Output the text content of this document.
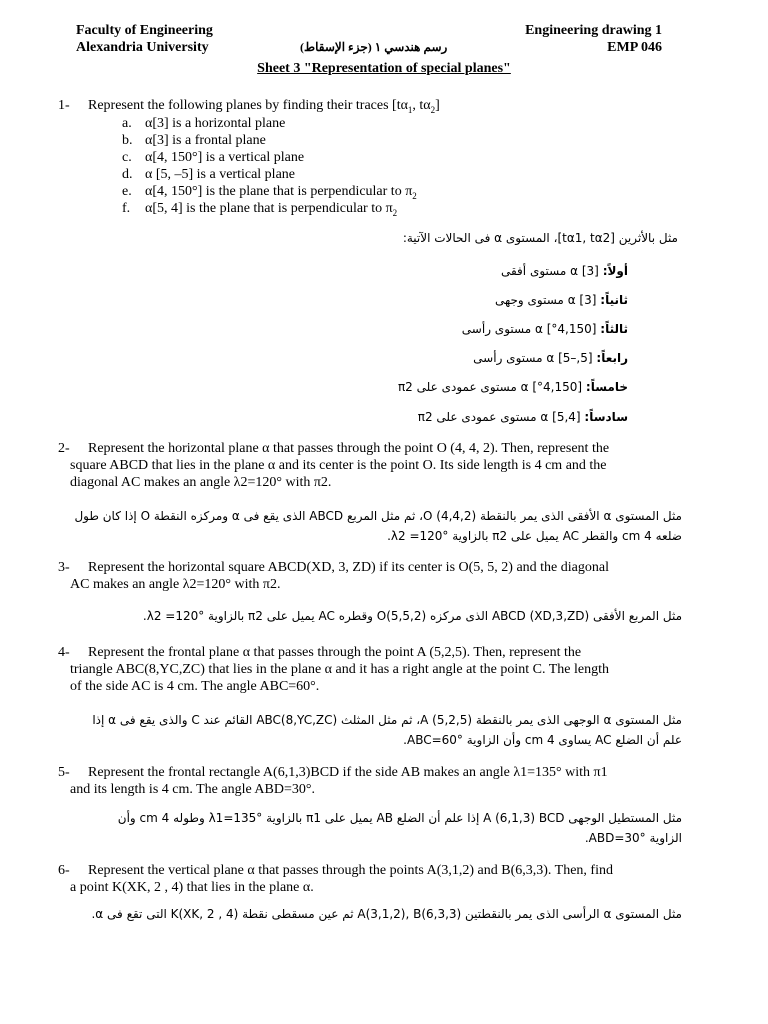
Faculty of Engineering
Alexandria University	رسم هندسي ١ (جزء الإسقاط)
Engineering drawing 1
EMP 046
Sheet 3 "Representation of special planes"
1- Represent the following planes by finding their traces [$t\alpha_1$, $t\alpha_2$]
a. α[3] is a horizontal plane
b. α[3] is a frontal plane
c. α[4, 150°] is a vertical plane
d. α [5, –5] is a vertical plane
e. α[4, 150°] is the plane that is perpendicular to $\pi_2$
f. α[5, 4] is the plane that is perpendicular to $\pi_2$
مثل بالأثرين [tα1, tα2]، المستوى α فى الحالات الآتية:
أولاً: [3] α مستوى أفقى
ثانياً: [3] α مستوى وجهى
ثالثاً: [4,150°] α مستوى رأسى
رابعاً: [5,–5] α مستوى رأسى
خامساً: [4,150°] α مستوى عمودى على π2
سادساً: [5,4] α مستوى عمودى على π2
2- Represent the horizontal plane α that passes through the point O (4, 4, 2). Then, represent the
square ABCD that lies in the plane α and its center is the point O. Its side length is 4 cm and the
diagonal AC makes an angle λ2=120° with π2.
مثل المستوى α الأفقى الذى يمر بالنقطة O (4,4,2)، ثم مثل المربع ABCD الذى يقع فى α ومركزه النقطة O إذا كان طول
ضلعه 4 cm والقطر AC يميل على π2 بالزاوية λ2 =120°.
3- Represent the horizontal square ABCD(XD, 3, ZD) if its center is O(5, 5, 2) and the diagonal
AC makes an angle λ2=120° with π2.
مثل المربع الأفقى ABCD (XD,3,ZD) الذى مركزه O(5,5,2) وقطره AC يميل على π2 بالزاوية λ2 =120°.
4- Represent the frontal plane α that passes through the point A (5,2,5). Then, represent the
triangle ABC(8,YC,ZC) that lies in the plane α and it has a right angle at the point C. The length
of the side AC is 4 cm. The angle ABC=60°.
مثل المستوى α الوجهى الذى يمر بالنقطة A (5,2,5)، ثم مثل المثلث ABC(8,YC,ZC) القائم عند C والذى يقع فى α إذا
علم أن الضلع AC يساوى 4 cm وأن الزاوية ABC=60°.
5- Represent the frontal rectangle A(6,1,3)BCD if the side AB makes an angle λ1=135° with π1
and its length is 4 cm. The angle ABD=30°.
مثل المستطيل الوجهى A (6,1,3) BCD إذا علم أن الضلع AB يميل على π1 بالزاوية λ1=135° وطوله 4 cm وأن
الزاوية ABD=30°.
6- Represent the vertical plane α that passes through the points A(3,1,2) and B(6,3,3). Then, find
a point K(XK, 2 , 4) that lies in the plane α.
مثل المستوى α الرأسى الذى يمر بالنقطتين A(3,1,2), B(6,3,3) ثم عين مسقطى نقطة K(XK, 2 , 4) التى تقع فى α.
